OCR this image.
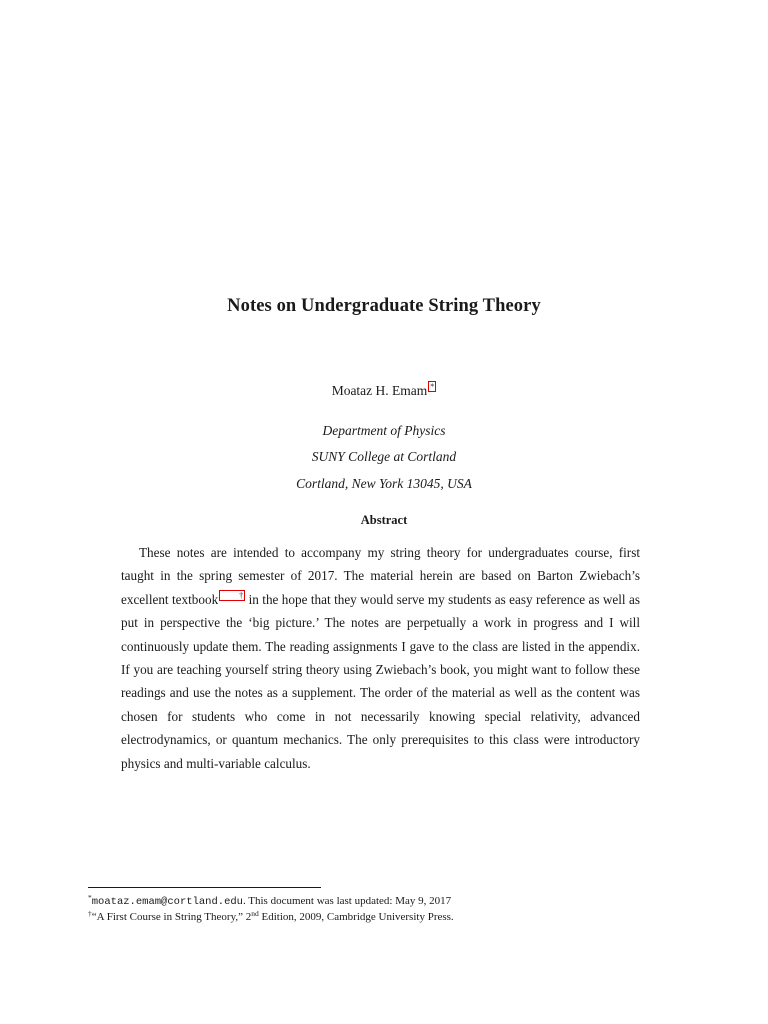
Notes on Undergraduate String Theory
Moataz H. Emam *
Department of Physics
SUNY College at Cortland
Cortland, New York 13045, USA
Abstract
These notes are intended to accompany my string theory for undergraduates course, first taught in the spring semester of 2017. The material herein are based on Barton Zwiebach’s excellent textbook	† in the hope that they would serve my students as easy reference as well as put in perspective the ‘big picture.’ The notes are perpetually a work in progress and I will continuously update them. The reading assignments I gave to the class are listed in the appendix. If you are teaching yourself string theory using Zwiebach’s book, you might want to follow these readings and use the notes as a supplement. The order of the material as well as the content was chosen for students who come in not necessarily knowing special relativity, advanced electrodynamics, or quantum mechanics. The only prerequisites to this class were introductory physics and multi-variable calculus.
*moataz.emam@cortland.edu. This document was last updated: May 9, 2017
†“A First Course in String Theory,” 2nd Edition, 2009, Cambridge University Press.
